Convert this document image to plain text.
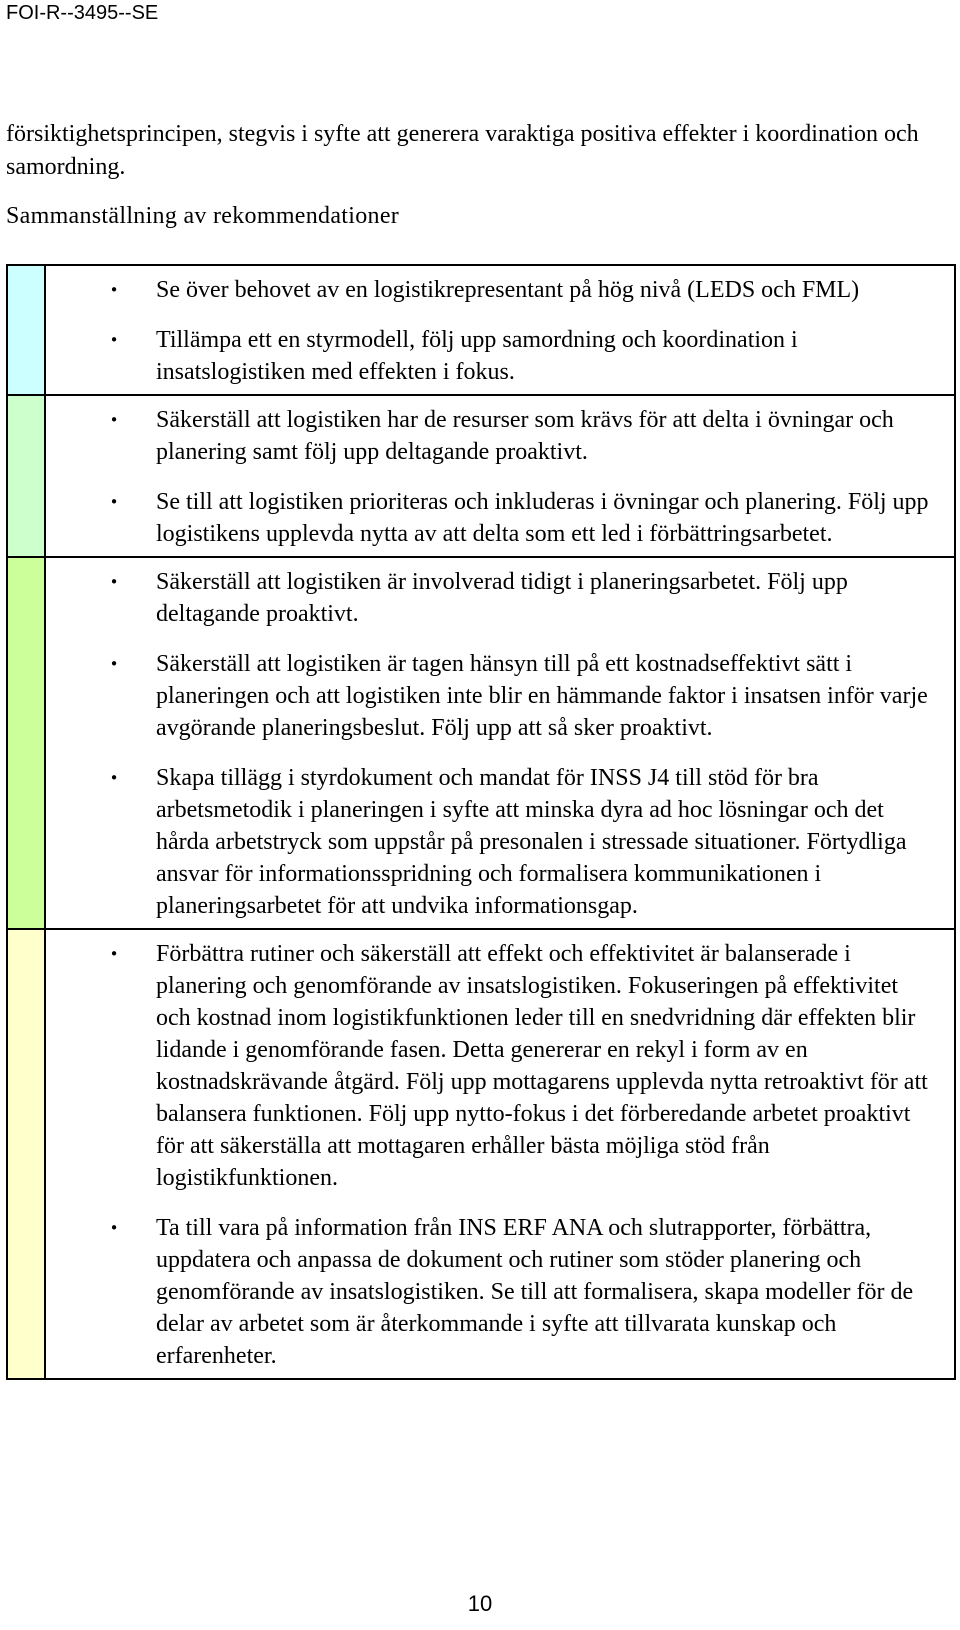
FOI-R--3495--SE

försiktighetsprincipen, stegvis i syfte att generera varaktiga positiva effekter i koordination och samordning.

Sammanställning av rekommendationer
•	Se över behovet av en logistikrepresentant på hög nivå (LEDS och FML)
•	Tillämpa ett en styrmodell, följ upp samordning och koordination i insatslogistiken med effekten i fokus.
•	Säkerställ att logistiken har de resurser som krävs för att delta i övningar och planering samt följ upp deltagande proaktivt.
•	Se till att logistiken prioriteras och inkluderas i övningar och planering. Följ upp logistikens upplevda nytta av att delta som ett led i förbättringsarbetet.
•	Säkerställ att logistiken är involverad tidigt i planeringsarbetet. Följ upp deltagande proaktivt.
•	Säkerställ att logistiken är tagen hänsyn till på ett kostnadseffektivt sätt i planeringen och att logistiken inte blir en hämmande faktor i insatsen inför varje avgörande planeringsbeslut. Följ upp att så sker proaktivt.
•	Skapa tillägg i styrdokument och mandat för INSS J4 till stöd för bra arbetsmetodik i planeringen i syfte att minska dyra ad hoc lösningar och det hårda arbetstryck som uppstår på presonalen i stressade situationer. Förtydliga ansvar för informationsspridning och formalisera kommunikationen i planeringsarbetet för att undvika informationsgap.
•	Förbättra rutiner och säkerställ att effekt och effektivitet är balanserade i planering och genomförande av insatslogistiken. Fokuseringen på effektivitet och kostnad inom logistikfunktionen leder till en snedvridning där effekten blir lidande i genomförande fasen. Detta genererar en rekyl i form av en kostnadskrävande åtgärd. Följ upp mottagarens upplevda nytta retroaktivt för att balansera funktionen. Följ upp nytto-fokus i det förberedande arbetet proaktivt för att säkerställa att mottagaren erhåller bästa möjliga stöd från logistikfunktionen.
•	Ta till vara på information från INS ERF ANA och slutrapporter, förbättra, uppdatera och anpassa de dokument och rutiner som stöder planering och genomförande av insatslogistiken. Se till att formalisera, skapa modeller för de delar av arbetet som är återkommande i syfte att tillvarata kunskap och erfarenheter.
10
